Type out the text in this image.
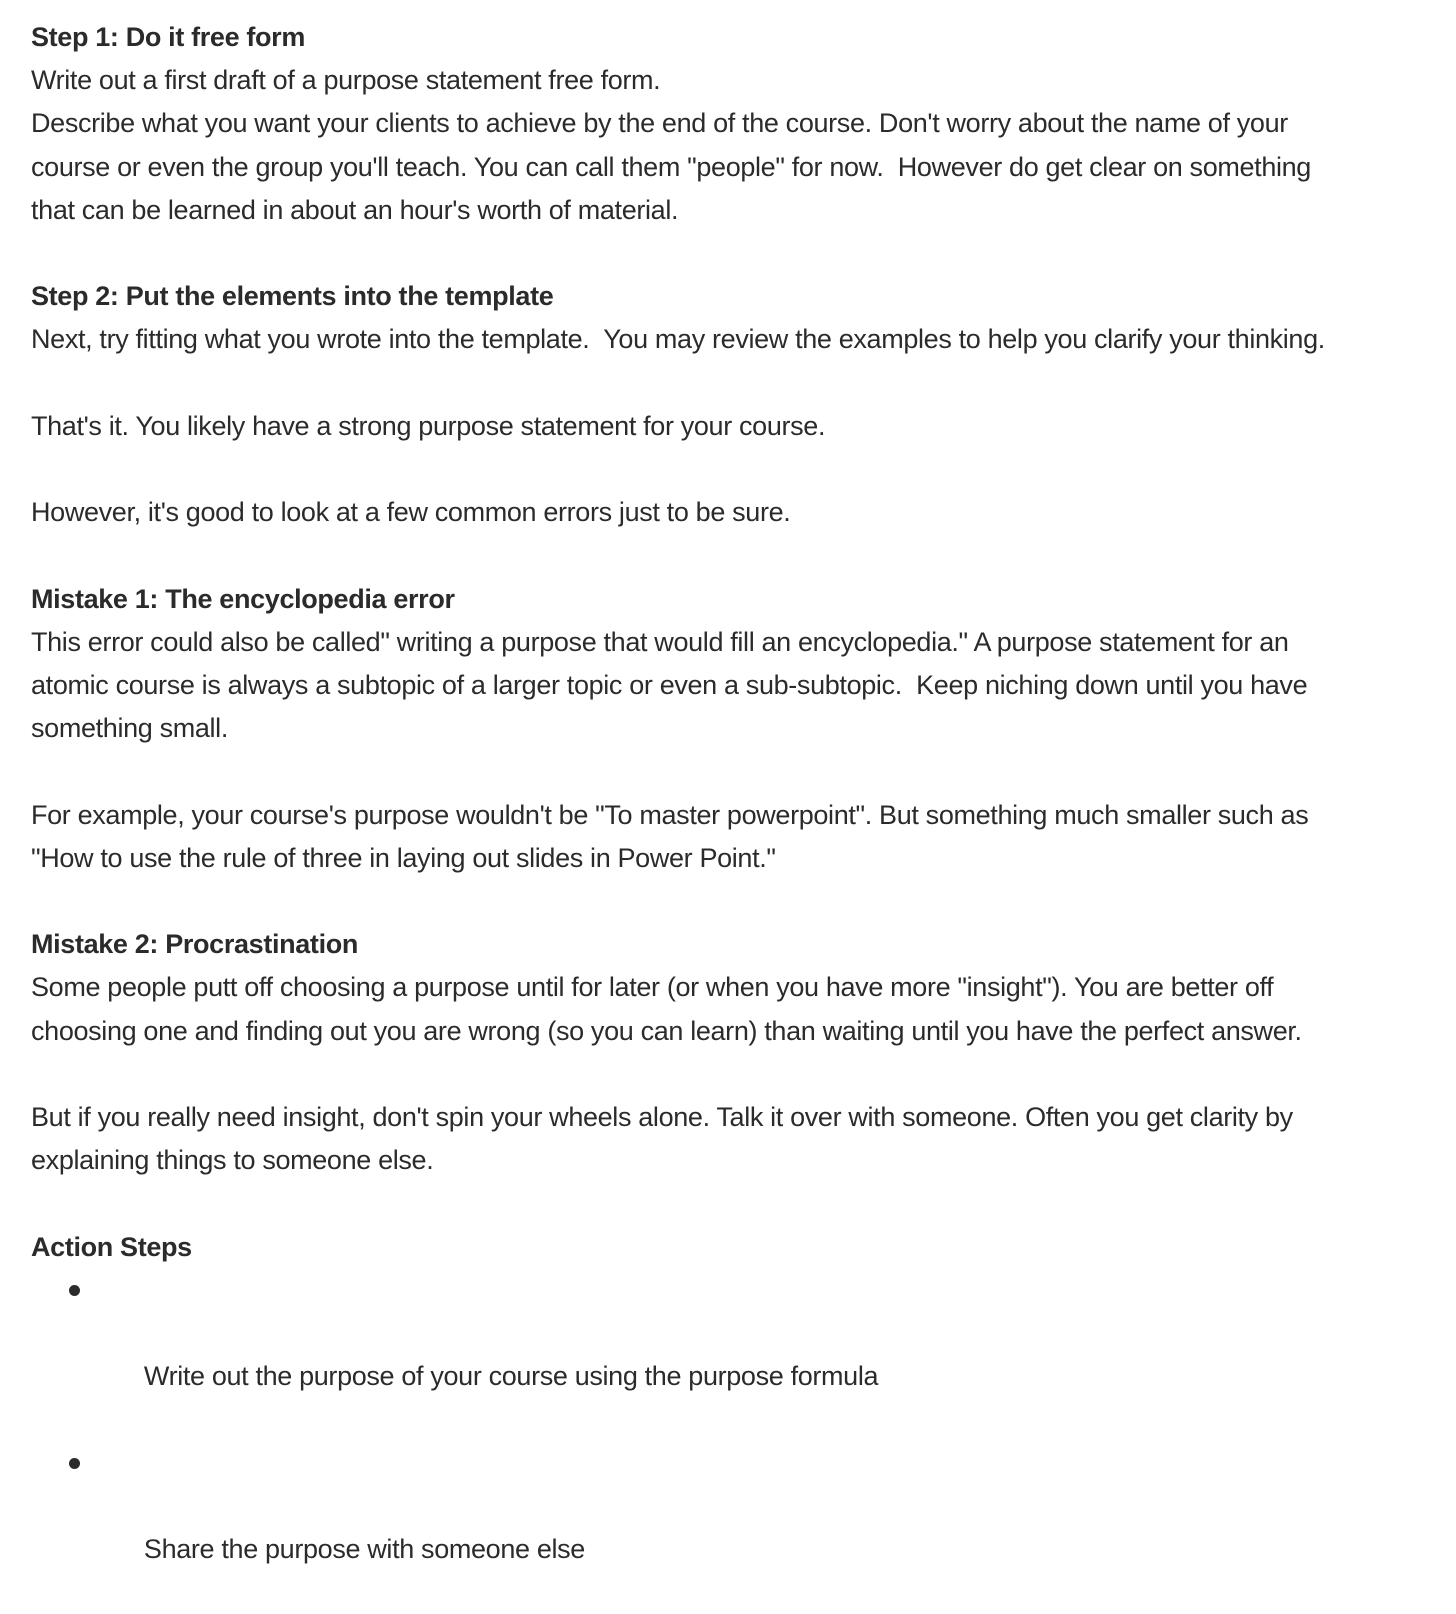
Step 1: Do it free form
Write out a first draft of a purpose statement free form.
Describe what you want your clients to achieve by the end of the course. Don't worry about the name of your
course or even the group you'll teach. You can call them "people" for now.  However do get clear on something
that can be learned in about an hour's worth of material.
Step 2: Put the elements into the template
Next, try fitting what you wrote into the template.  You may review the examples to help you clarify your thinking.
That's it. You likely have a strong purpose statement for your course.
However, it's good to look at a few common errors just to be sure.
Mistake 1: The encyclopedia error
This error could also be called" writing a purpose that would fill an encyclopedia." A purpose statement for an
atomic course is always a subtopic of a larger topic or even a sub-subtopic.  Keep niching down until you have
something small.
For example, your course's purpose wouldn't be "To master powerpoint". But something much smaller such as
"How to use the rule of three in laying out slides in Power Point."
Mistake 2: Procrastination
Some people putt off choosing a purpose until for later (or when you have more "insight"). You are better off
choosing one and finding out you are wrong (so you can learn) than waiting until you have the perfect answer.
But if you really need insight, don't spin your wheels alone. Talk it over with someone. Often you get clarity by
explaining things to someone else.
Action Steps

Write out the purpose of your course using the purpose formula

Share the purpose with someone else
